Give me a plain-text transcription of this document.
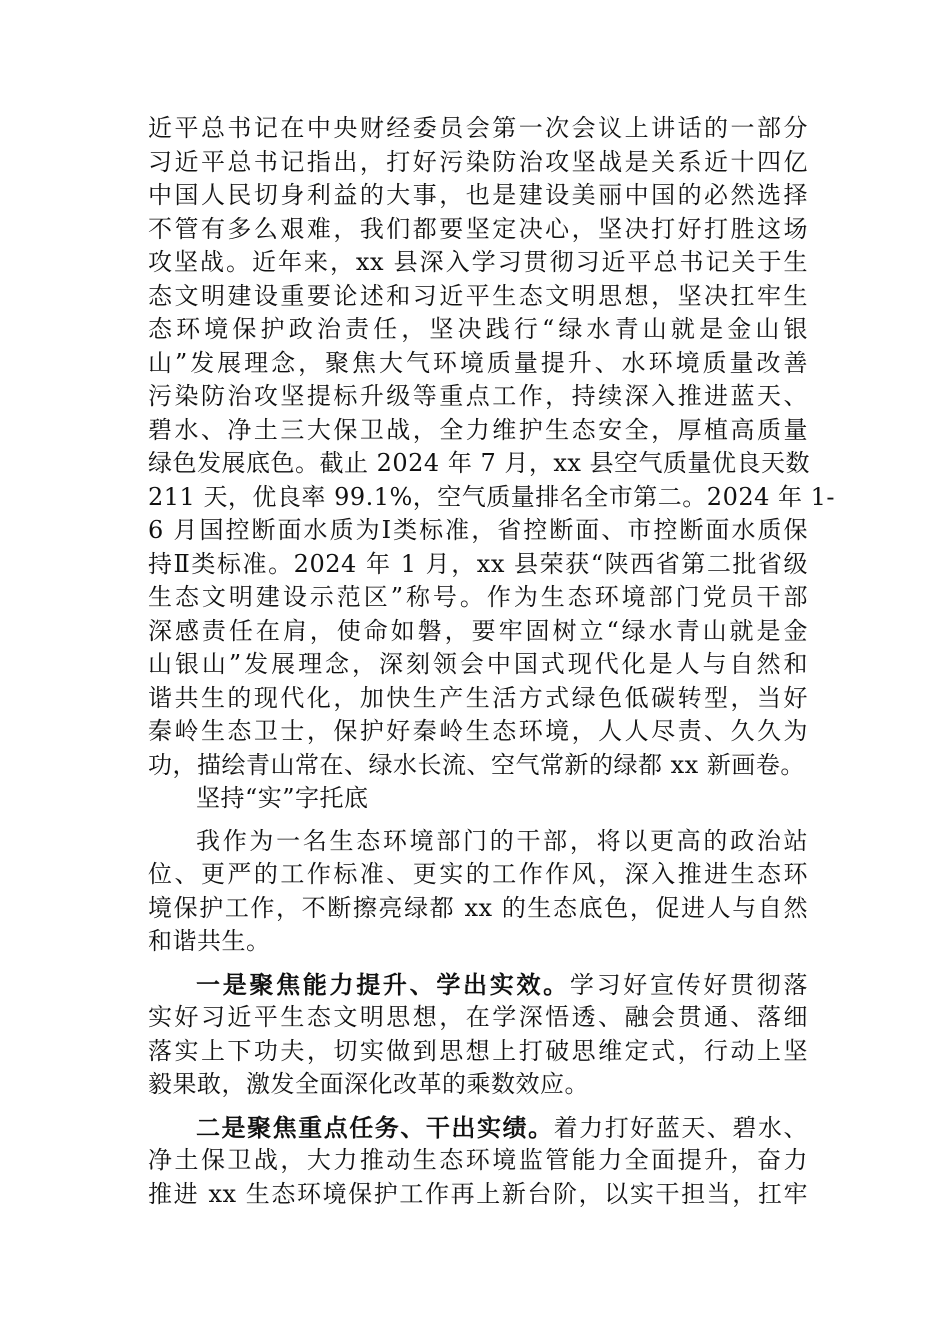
近平总书记在中央财经委员会第一次会议上讲话的一部分
习近平总书记指出，打好污染防治攻坚战是关系近十四亿
中国人民切身利益的大事，也是建设美丽中国的必然选择
不管有多么艰难，我们都要坚定决心，坚决打好打胜这场
攻坚战。近年来，xx 县深入学习贯彻习近平总书记关于生
态文明建设重要论述和习近平生态文明思想，坚决扛牢生
态环境保护政治责任，坚决践行“绿水青山就是金山银
山”发展理念，聚焦大气环境质量提升、水环境质量改善
污染防治攻坚提标升级等重点工作，持续深入推进蓝天、
碧水、净土三大保卫战，全力维护生态安全，厚植高质量
绿色发展底色。截止 2024 年 7 月，xx 县空气质量优良天数
211 天，优良率 99.1%，空气质量排名全市第二。2024 年 1-
6 月国控断面水质为Ⅰ类标准，省控断面、市控断面水质保
持Ⅱ类标准。2024 年 1 月，xx 县荣获“陕西省第二批省级
生态文明建设示范区”称号。作为生态环境部门党员干部
深感责任在肩，使命如磐，要牢固树立“绿水青山就是金
山银山”发展理念，深刻领会中国式现代化是人与自然和
谐共生的现代化，加快生产生活方式绿色低碳转型，当好
秦岭生态卫士，保护好秦岭生态环境，人人尽责、久久为
功，描绘青山常在、绿水长流、空气常新的绿都 xx 新画卷。
坚持“实”字托底
我作为一名生态环境部门的干部，将以更高的政治站
位、更严的工作标准、更实的工作作风，深入推进生态环
境保护工作，不断擦亮绿都 xx 的生态底色，促进人与自然
和谐共生。
一是聚焦能力提升、学出实效。学习好宣传好贯彻落
实好习近平生态文明思想，在学深悟透、融会贯通、落细
落实上下功夫，切实做到思想上打破思维定式，行动上坚
毅果敢，激发全面深化改革的乘数效应。
二是聚焦重点任务、干出实绩。着力打好蓝天、碧水、
净土保卫战，大力推动生态环境监管能力全面提升，奋力
推进 xx 生态环境保护工作再上新台阶，以实干担当，扛牢
